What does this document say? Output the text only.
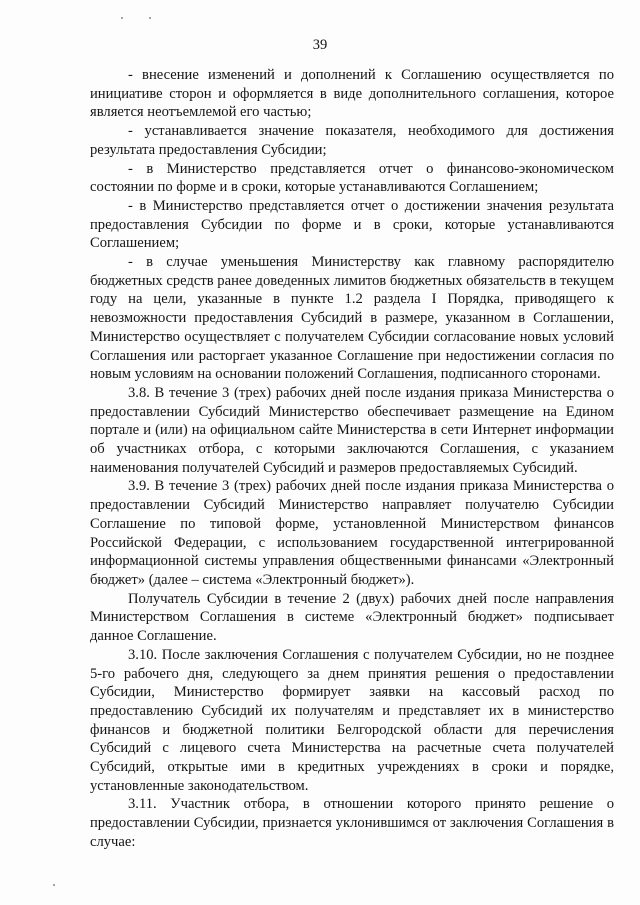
39

- внесение изменений и дополнений к Соглашению осуществляется по инициативе сторон и оформляется в виде дополнительного соглашения, которое является неотъемлемой его частью;

- устанавливается значение показателя, необходимого для достижения результата предоставления Субсидии;

- в Министерство представляется отчет о финансово-экономическом состоянии по форме и в сроки, которые устанавливаются Соглашением;

- в Министерство представляется отчет о достижении значения результата предоставления Субсидии по форме и в сроки, которые устанавливаются Соглашением;

- в случае уменьшения Министерству как главному распорядителю бюджетных средств ранее доведенных лимитов бюджетных обязательств в текущем году на цели, указанные в пункте 1.2 раздела I Порядка, приводящего к невозможности предоставления Субсидий в размере, указанном в Соглашении, Министерство осуществляет с получателем Субсидии согласование новых условий Соглашения или расторгает указанное Соглашение при недостижении согласия по новым условиям на основании положений Соглашения, подписанного сторонами.

3.8. В течение 3 (трех) рабочих дней после издания приказа Министерства о предоставлении Субсидий Министерство обеспечивает размещение на Едином портале и (или) на официальном сайте Министерства в сети Интернет информации об участниках отбора, с которыми заключаются Соглашения, с указанием наименования получателей Субсидий и размеров предоставляемых Субсидий.

3.9. В течение 3 (трех) рабочих дней после издания приказа Министерства о предоставлении Субсидий Министерство направляет получателю Субсидии Соглашение по типовой форме, установленной Министерством финансов Российской Федерации, с использованием государственной интегрированной информационной системы управления общественными финансами «Электронный бюджет» (далее – система «Электронный бюджет»).

Получатель Субсидии в течение 2 (двух) рабочих дней после направления Министерством Соглашения в системе «Электронный бюджет» подписывает данное Соглашение.

3.10. После заключения Соглашения с получателем Субсидии, но не позднее 5-го рабочего дня, следующего за днем принятия решения о предоставлении Субсидии, Министерство формирует заявки на кассовый расход по предоставлению Субсидий их получателям и представляет их в министерство финансов и бюджетной политики Белгородской области для перечисления Субсидий с лицевого счета Министерства на расчетные счета получателей Субсидий, открытые ими в кредитных учреждениях в сроки и порядке, установленные законодательством.

3.11. Участник отбора, в отношении которого принято решение о предоставлении Субсидии, признается уклонившимся от заключения Соглашения в случае:
